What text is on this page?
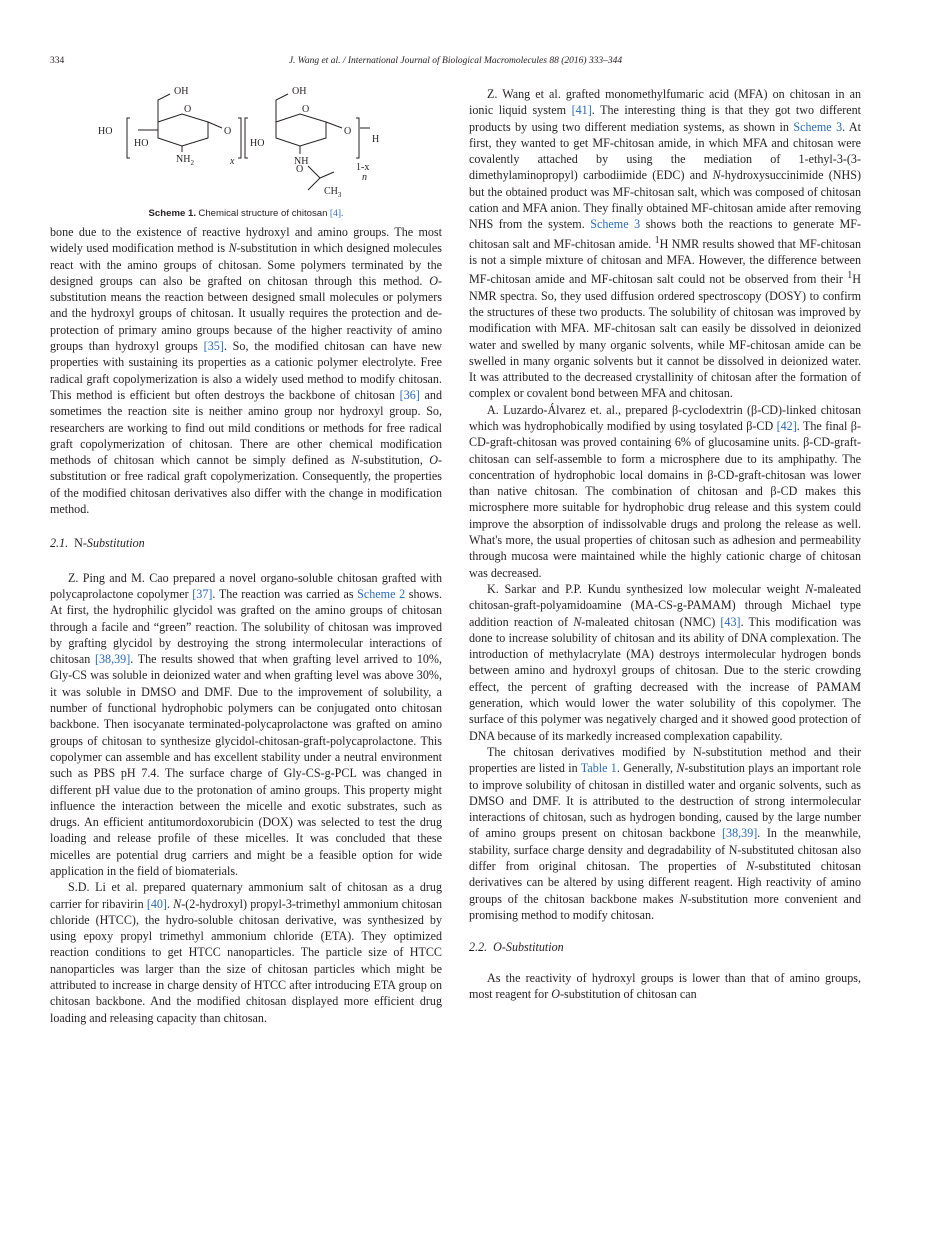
334	J. Wang et al. / International Journal of Biological Macromolecules 88 (2016) 333–344
OH
HO
O
O
HO
$NH_2$	x
OH
O
HO
NH
O
1-x
H
n
O
$CH_3$
Scheme 1. Chemical structure of chitosan [4].

bone due to the existence of reactive hydroxyl and amino groups. The most widely used modification method is N-substitution in which designed molecules react with the amino groups of chitosan. Some polymers terminated by the designed groups can also be grafted on chitosan through this method. O-substitution means the reaction between designed small molecules or polymers and the hydroxyl groups of chitosan. It usually requires the protection and de-protection of primary amino groups because of the higher reactivity of amino groups than hydroxyl groups [35]. So, the modified chitosan can have new properties with sustaining its properties as a cationic polymer electrolyte. Free radical graft copolymerization is also a widely used method to modify chitosan. This method is efficient but often destroys the backbone of chitosan [36] and sometimes the reaction site is neither amino group nor hydroxyl group. So, researchers are working to find out mild conditions or methods for free radical graft copolymerization of chitosan. There are other chemical modification methods of chitosan which cannot be simply defined as N-substitution, O-substitution or free radical graft copolymerization. Consequently, the properties of the modified chitosan derivatives also differ with the change in modification method.

2.1. N-Substitution

Z. Ping and M. Cao prepared a novel organo-soluble chitosan grafted with polycaprolactone copolymer [37]. The reaction was carried as Scheme 2 shows. At first, the hydrophilic glycidol was grafted on the amino groups of chitosan through a facile and “green” reaction. The solubility of chitosan was improved by grafting glycidol by destroying the strong intermolecular interactions of chitosan [38,39]. The results showed that when grafting level arrived to 10%, Gly-CS was soluble in deionized water and when grafting level was above 30%, it was soluble in DMSO and DMF. Due to the improvement of solubility, a number of functional hydrophobic polymers can be conjugated onto chitosan backbone. Then isocyanate terminated-polycaprolactone was grafted on amino groups of chitosan to synthesize glycidol-chitosan-graft-polycaprolactone. This copolymer can assemble and has excellent stability under a neutral environment such as PBS pH 7.4. The surface charge of Gly-CS-g-PCL was changed in different pH value due to the protonation of amino groups. This property might influence the interaction between the micelle and exotic substrates, such as drugs. An efficient antitumordoxorubicin (DOX) was selected to test the drug loading and release profile of these micelles. It was concluded that these micelles are potential drug carriers and might be a feasible option for wide application in the field of biomaterials.

S.D. Li et al. prepared quaternary ammonium salt of chitosan as a drug carrier for ribavirin [40]. N-(2-hydroxyl) propyl-3-trimethyl ammonium chitosan chloride (HTCC), the hydro-soluble chitosan derivative, was synthesized by using epoxy propyl trimethyl ammonium chloride (ETA). They optimized reaction conditions to get HTCC nanoparticles. The particle size of HTCC nanoparticles was larger than the size of chitosan particles which might be attributed to increase in charge density of HTCC after introducing ETA group on chitosan backbone. And the modified chitosan displayed more efficient drug loading and releasing capacity than chitosan.

Z. Wang et al. grafted monomethylfumaric acid (MFA) on chitosan in an ionic liquid system [41]. The interesting thing is that they got two different products by using two different mediation systems, as shown in Scheme 3. At first, they wanted to get MF-chitosan amide, in which MFA and chitosan were covalently attached by using the mediation of 1-ethyl-3-(3-dimethylaminopropyl) carbodiimide (EDC) and N-hydroxysuccinimide (NHS) but the obtained product was MF-chitosan salt, which was composed of chitosan cation and MFA anion. They finally obtained MF-chitosan amide after removing NHS from the system. Scheme 3 shows both the reactions to generate MF-chitosan salt and MF-chitosan amide. $^1$H NMR results showed that MF-chitosan is not a simple mixture of chitosan and MFA. However, the difference between MF-chitosan amide and MF-chitosan salt could not be observed from their $^1$H NMR spectra. So, they used diffusion ordered spectroscopy (DOSY) to confirm the structures of these two products. The solubility of chitosan was improved by modification with MFA. MF-chitosan salt can easily be dissolved in deionized water and swelled by many organic solvents, while MF-chitosan amide can be swelled in many organic solvents but it cannot be dissolved in deionized water. It was attributed to the decreased crystallinity of chitosan after the formation of complex or covalent bond between MFA and chitosan.

A. Luzardo-Álvarez et. al., prepared β-cyclodextrin (β-CD)-linked chitosan which was hydrophobically modified by using tosylated β-CD [42]. The final β-CD-graft-chitosan was proved containing 6% of glucosamine units. β-CD-graft-chitosan can self-assemble to form a microsphere due to its amphipathy. The concentration of hydrophobic local domains in β-CD-graft-chitosan was lower than native chitosan. The combination of chitosan and β-CD makes this microsphere more suitable for hydrophobic drug release and this system could improve the absorption of indissolvable drugs and prolong the release as well. What's more, the usual properties of chitosan such as adhesion and permeability through mucosa were maintained while the highly cationic charge of chitosan was decreased.

K. Sarkar and P.P. Kundu synthesized low molecular weight N-maleated chitosan-graft-polyamidoamine (MA-CS-g-PAMAM) through Michael type addition reaction of N-maleated chitosan (NMC) [43]. This modification was done to increase solubility of chitosan and its ability of DNA complexation. The introduction of methylacrylate (MA) destroys intermolecular hydrogen bonds between amino and hydroxyl groups of chitosan. Due to the steric crowding effect, the percent of grafting decreased with the increase of PAMAM generation, which would lower the water solubility of this copolymer. The surface of this polymer was negatively charged and it showed good protection of DNA because of its markedly increased complexation capability.

The chitosan derivatives modified by N-substitution method and their properties are listed in Table 1. Generally, N-substitution plays an important role to improve solubility of chitosan in distilled water and organic solvents, such as DMSO and DMF. It is attributed to the destruction of strong intermolecular interactions of chitosan, such as hydrogen bonding, caused by the large number of amino groups present on chitosan backbone [38,39]. In the meanwhile, stability, surface charge density and degradability of N-substituted chitosan also differ from original chitosan. The properties of N-substituted chitosan derivatives can be altered by using different reagent. High reactivity of amino groups of the chitosan backbone makes N-substitution more convenient and promising method to modify chitosan.

2.2. O-Substitution

As the reactivity of hydroxyl groups is lower than that of amino groups, most reagent for O-substitution of chitosan can
